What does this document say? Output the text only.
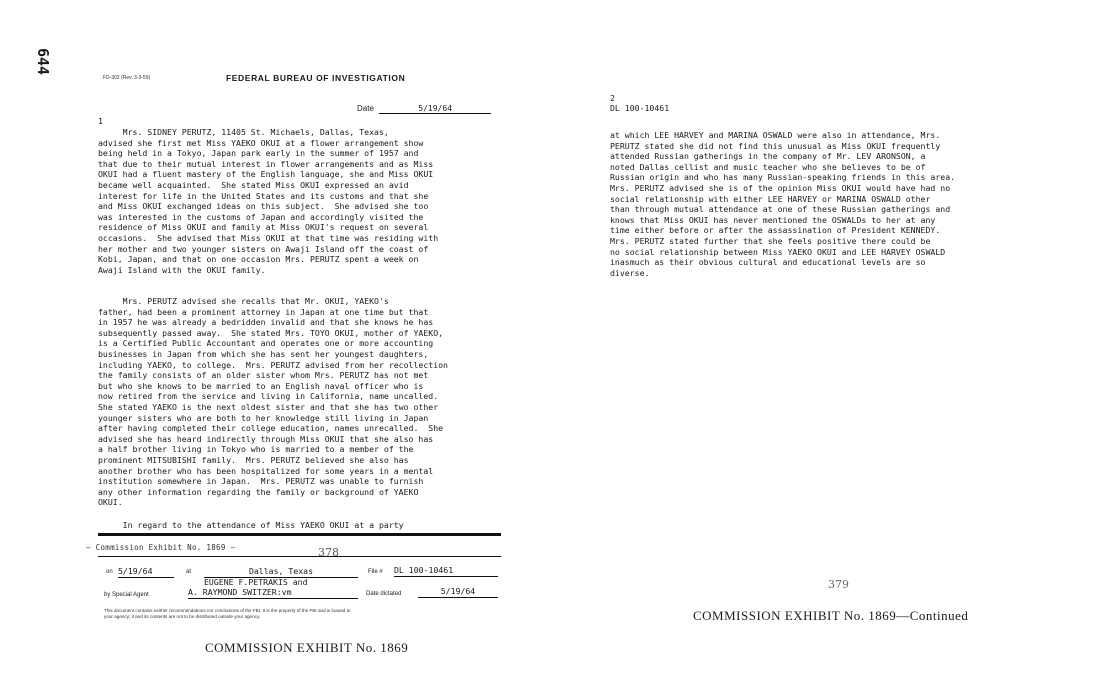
644
FD-302 (Rev. 3-3-59)	FEDERAL BUREAU OF INVESTIGATION
Date	5/19/64
1
Mrs. SIDNEY PERUTZ, 11405 St. Michaels, Dallas, Texas,
advised she first met Miss YAEKO OKUI at a flower arrangement show
being held in a Tokyo, Japan park early in the summer of 1957 and
that due to their mutual interest in flower arrangements and as Miss
OKUI had a fluent mastery of the English language, she and Miss OKUI
became well acquainted.  She stated Miss OKUI expressed an avid
interest for life in the United States and its customs and that she
and Miss OKUI exchanged ideas on this subject.  She advised she too
was interested in the customs of Japan and accordingly visited the
residence of Miss OKUI and family at Miss OKUI's request on several
occasions.  She advised that Miss OKUI at that time was residing with
her mother and two younger sisters on Awaji Island off the coast of
Kobi, Japan, and that on one occasion Mrs. PERUTZ spent a week on
Awaji Island with the OKUI family.
Mrs. PERUTZ advised she recalls that Mr. OKUI, YAEKO's
father, had been a prominent attorney in Japan at one time but that
in 1957 he was already a bedridden invalid and that she knows he has
subsequently passed away.  She stated Mrs. TOYO OKUI, mother of YAEKO,
is a Certified Public Accountant and operates one or more accounting
businesses in Japan from which she has sent her youngest daughters,
including YAEKO, to college.  Mrs. PERUTZ advised from her recollection
the family consists of an older sister whom Mrs. PERUTZ has not met
but who she knows to be married to an English naval officer who is
now retired from the service and living in California, name uncalled.
She stated YAEKO is the next oldest sister and that she has two other
younger sisters who are both to her knowledge still living in Japan
after having completed their college education, names unrecalled.  She
advised she has heard indirectly through Miss OKUI that she also has
a half brother living in Tokyo who is married to a member of the
prominent MITSUBISHI family.  Mrs. PERUTZ believed she also has
another brother who has been hospitalized for some years in a mental
institution somewhere in Japan.  Mrs. PERUTZ was unable to furnish
any other information regarding the family or background of YAEKO
OKUI.
In regard to the attendance of Miss YAEKO OKUI at a party
— Commission Exhibit No. 1869 —	378
on 5/19/64	at	Dallas, Texas	File # DL 100-10461
EUGENE F.PETRAKIS and
by Special Agent	A. RAYMOND SWITZER:vm	Date dictated	5/19/64
This document contains neither recommendations nor conclusions of the FBI. It is the property of the FBI and is loaned to
your agency; it and its contents are not to be distributed outside your agency.
COMMISSION EXHIBIT No. 1869
2
DL 100-10461
at which LEE HARVEY and MARINA OSWALD were also in attendance, Mrs.
PERUTZ stated she did not find this unusual as Miss OKUI frequently
attended Russian gatherings in the company of Mr. LEV ARONSON, a
noted Dallas cellist and music teacher who she believes to be of
Russian origin and who has many Russian-speaking friends in this area.
Mrs. PERUTZ advised she is of the opinion Miss OKUI would have had no
social relationship with either LEE HARVEY or MARINA OSWALD other
than through mutual attendance at one of these Russian gatherings and
knows that Miss OKUI has never mentioned the OSWALDs to her at any
time either before or after the assassination of President KENNEDY.
Mrs. PERUTZ stated further that she feels positive there could be
no social relationship between Miss YAEKO OKUI and LEE HARVEY OSWALD
inasmuch as their obvious cultural and educational levels are so
diverse.
379
COMMISSION EXHIBIT No. 1869—Continued
